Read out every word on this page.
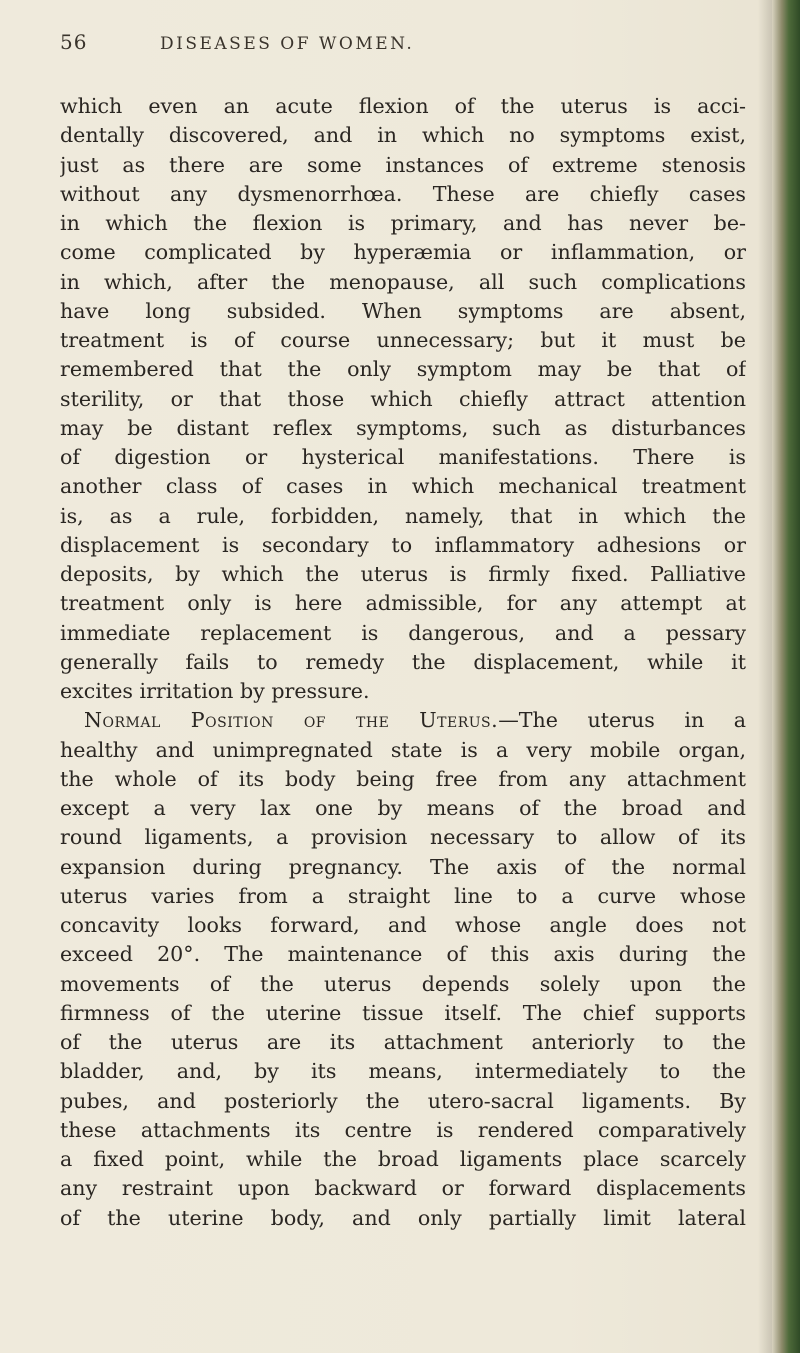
56	DISEASES OF WOMEN.
which even an acute flexion of the uterus is acci-
dentally discovered, and in which no symptoms exist,
just as there are some instances of extreme stenosis
without any dysmenorrhœa. These are chiefly cases
in which the flexion is primary, and has never be-
come complicated by hyperæmia or inflammation, or
in which, after the menopause, all such complications
have long subsided. When symptoms are absent,
treatment is of course unnecessary; but it must be
remembered that the only symptom may be that of
sterility, or that those which chiefly attract attention
may be distant reflex symptoms, such as disturbances
of digestion or hysterical manifestations. There is
another class of cases in which mechanical treatment
is, as a rule, forbidden, namely, that in which the
displacement is secondary to inflammatory adhesions or
deposits, by which the uterus is firmly fixed. Palliative
treatment only is here admissible, for any attempt at
immediate replacement is dangerous, and a pessary
generally fails to remedy the displacement, while it
excites irritation by pressure.
Normal Position of the Uterus.—The uterus in a
healthy and unimpregnated state is a very mobile organ,
the whole of its body being free from any attachment
except a very lax one by means of the broad and
round ligaments, a provision necessary to allow of its
expansion during pregnancy. The axis of the normal
uterus varies from a straight line to a curve whose
concavity looks forward, and whose angle does not
exceed 20°. The maintenance of this axis during the
movements of the uterus depends solely upon the
firmness of the uterine tissue itself. The chief supports
of the uterus are its attachment anteriorly to the
bladder, and, by its means, intermediately to the
pubes, and posteriorly the utero-sacral ligaments. By
these attachments its centre is rendered comparatively
a fixed point, while the broad ligaments place scarcely
any restraint upon backward or forward displacements
of the uterine body, and only partially limit lateral
